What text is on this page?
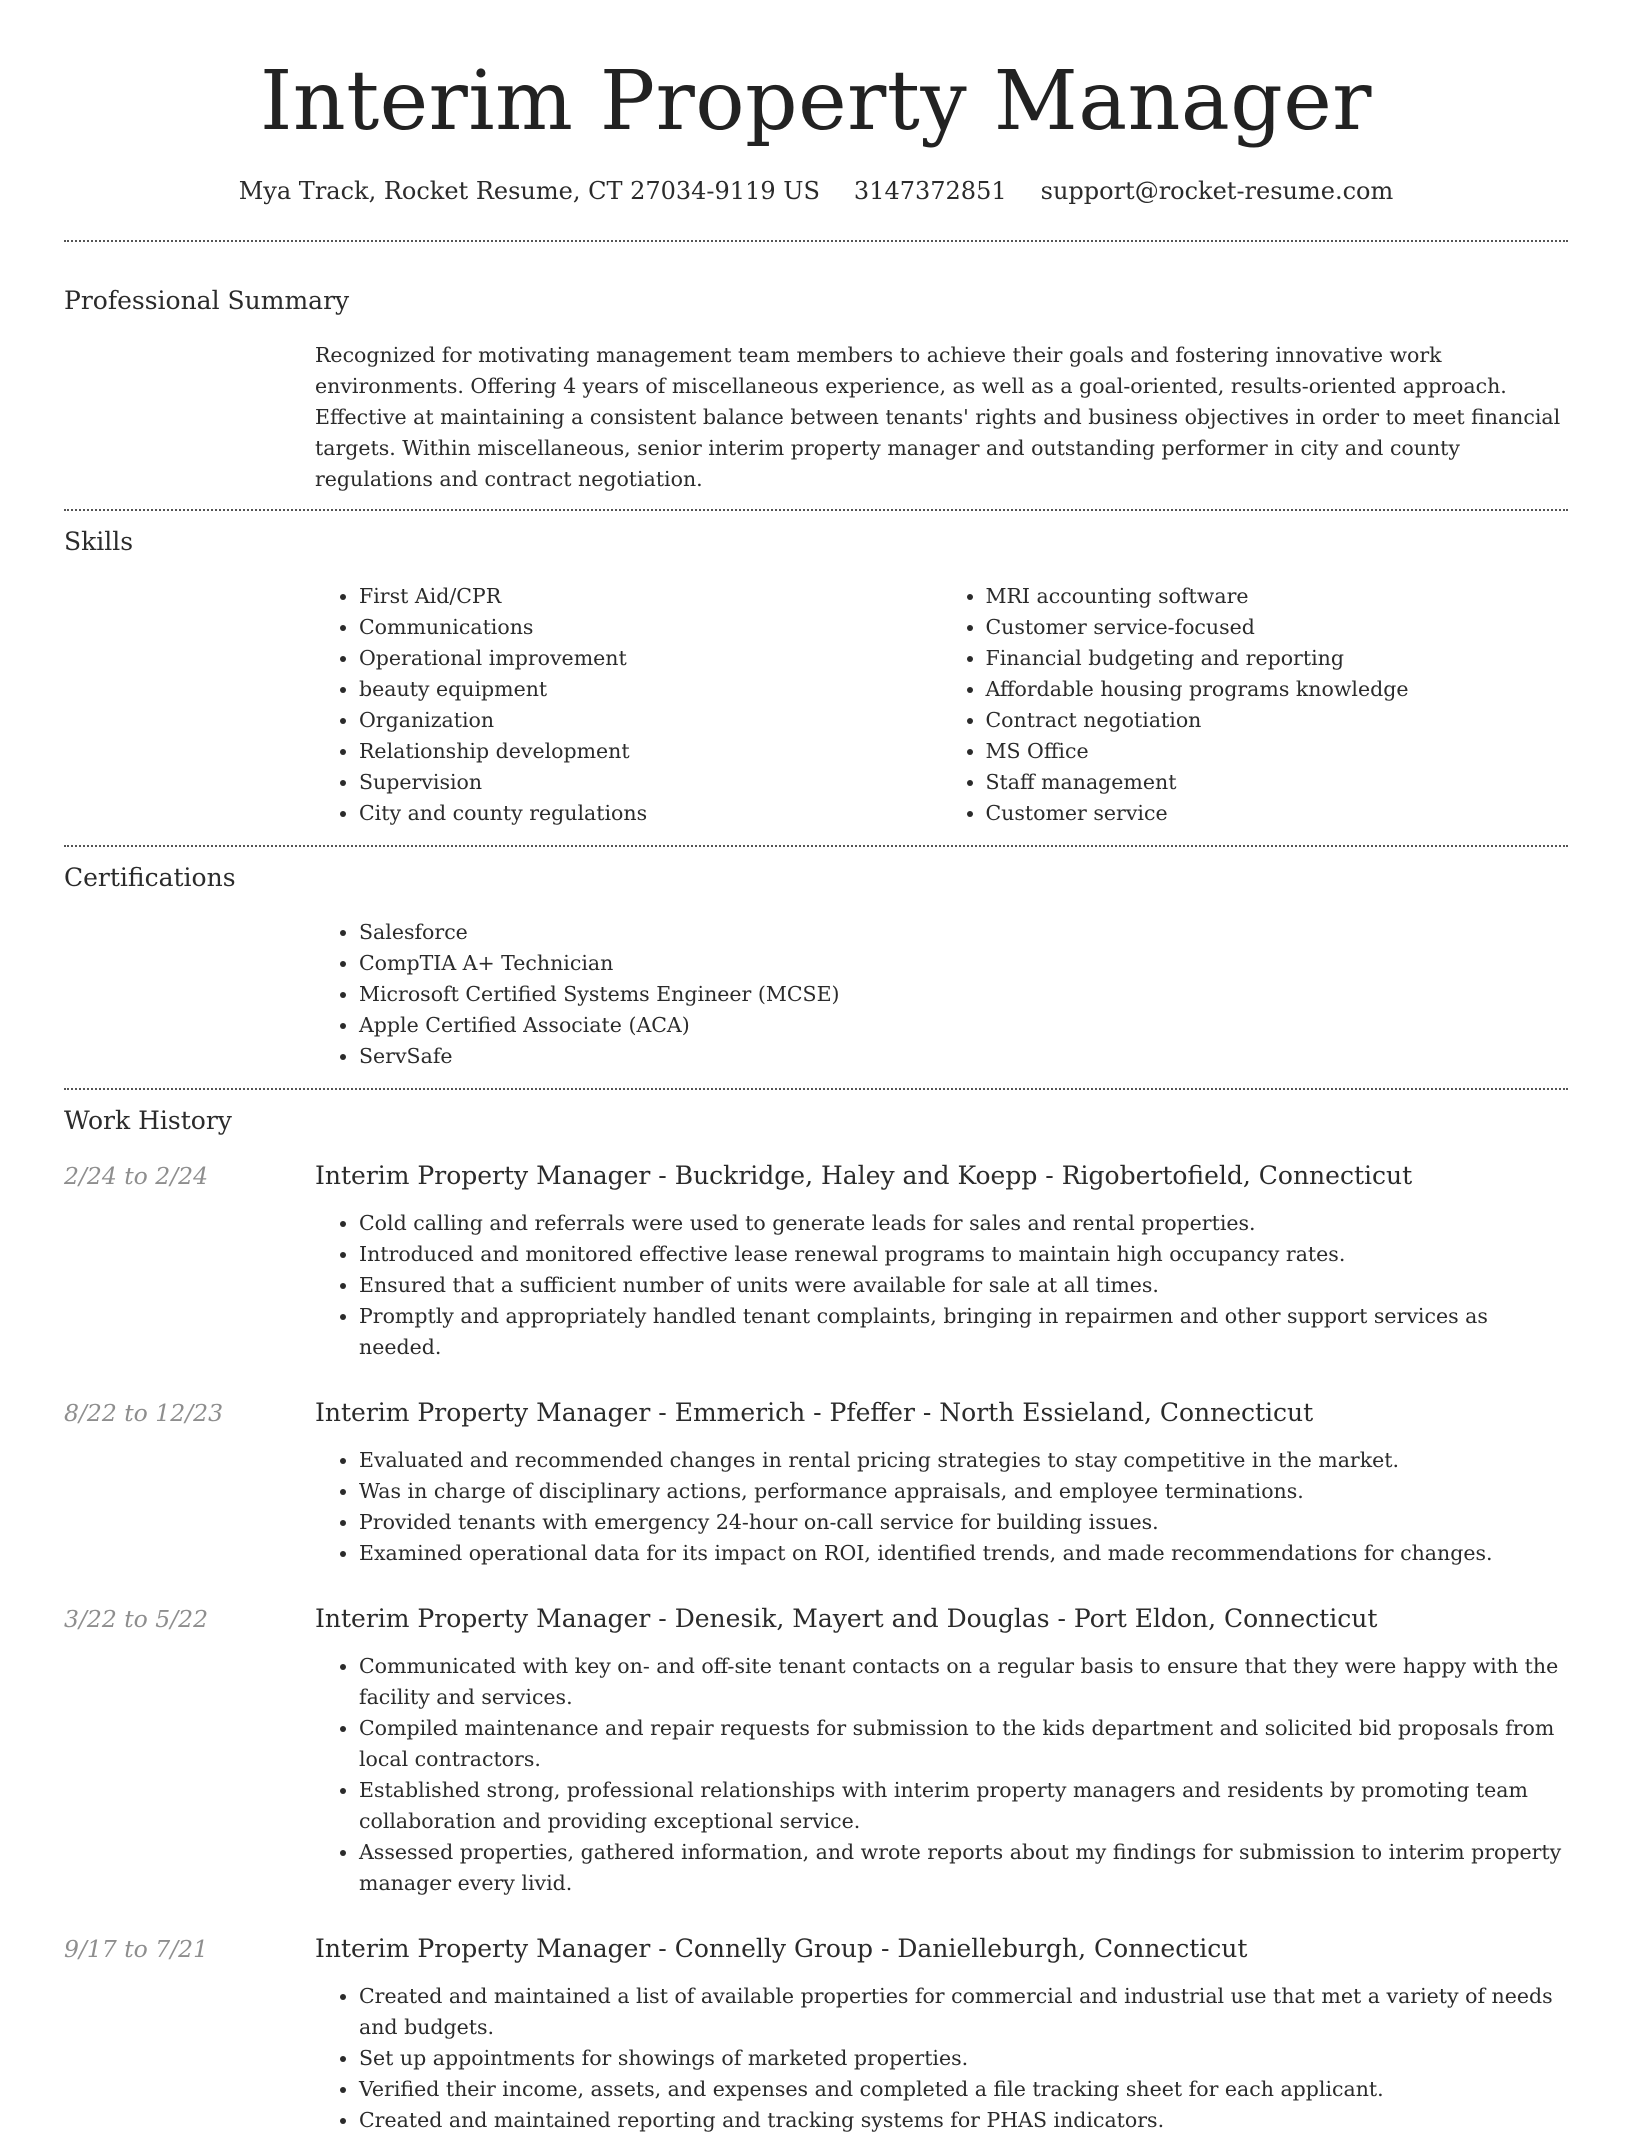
Interim Property Manager
Mya Track, Rocket Resume, CT 27034-9119 US 3147372851 support@rocket-resume.com
Professional Summary
Recognized for motivating management team members to achieve their goals and fostering innovative work environments. Offering 4 years of miscellaneous experience, as well as a goal-oriented, results-oriented approach. Effective at maintaining a consistent balance between tenants' rights and business objectives in order to meet financial targets. Within miscellaneous, senior interim property manager and outstanding performer in city and county regulations and contract negotiation.
Skills
• First Aid/CPR
• Communications
• Operational improvement
• beauty equipment
• Organization
• Relationship development
• Supervision
• City and county regulations
• MRI accounting software
• Customer service-focused
• Financial budgeting and reporting
• Affordable housing programs knowledge
• Contract negotiation
• MS Office
• Staff management
• Customer service
Certifications
• Salesforce
• CompTIA A+ Technician
• Microsoft Certified Systems Engineer (MCSE)
• Apple Certified Associate (ACA)
• ServSafe
Work History
2/24 to 2/24	Interim Property Manager - Buckridge, Haley and Koepp - Rigobertofield, Connecticut
• Cold calling and referrals were used to generate leads for sales and rental properties.
• Introduced and monitored effective lease renewal programs to maintain high occupancy rates.
• Ensured that a sufficient number of units were available for sale at all times.
• Promptly and appropriately handled tenant complaints, bringing in repairmen and other support services as needed.
8/22 to 12/23	Interim Property Manager - Emmerich - Pfeffer - North Essieland, Connecticut
• Evaluated and recommended changes in rental pricing strategies to stay competitive in the market.
• Was in charge of disciplinary actions, performance appraisals, and employee terminations.
• Provided tenants with emergency 24-hour on-call service for building issues.
• Examined operational data for its impact on ROI, identified trends, and made recommendations for changes.
3/22 to 5/22	Interim Property Manager - Denesik, Mayert and Douglas - Port Eldon, Connecticut
• Communicated with key on- and off-site tenant contacts on a regular basis to ensure that they were happy with the facility and services.
• Compiled maintenance and repair requests for submission to the kids department and solicited bid proposals from local contractors.
• Established strong, professional relationships with interim property managers and residents by promoting team collaboration and providing exceptional service.
• Assessed properties, gathered information, and wrote reports about my findings for submission to interim property manager every livid.
9/17 to 7/21	Interim Property Manager - Connelly Group - Danielleburgh, Connecticut
• Created and maintained a list of available properties for commercial and industrial use that met a variety of needs and budgets.
• Set up appointments for showings of marketed properties.
• Verified their income, assets, and expenses and completed a file tracking sheet for each applicant.
• Created and maintained reporting and tracking systems for PHAS indicators.
